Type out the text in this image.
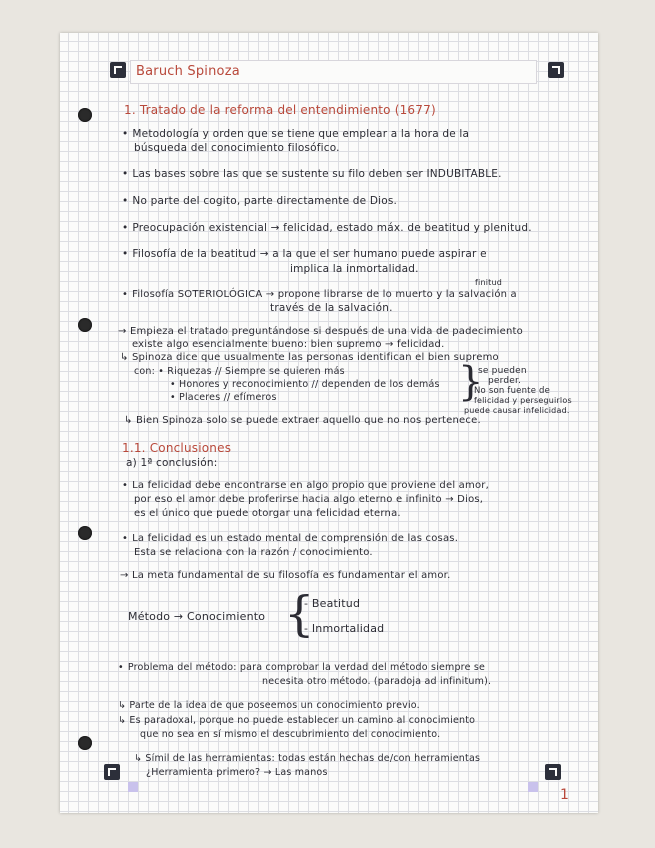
Baruch Spinoza
1. Tratado de la reforma del entendimiento (1677)
• Metodología y orden que se tiene que emplear a la hora de la
búsqueda del conocimiento filosófico.
• Las bases sobre las que se sustente su filo deben ser INDUBITABLE.
• No parte del cogito, parte directamente de Dios.
• Preocupación existencial → felicidad, estado máx. de beatitud y plenitud.
• Filosofía de la beatitud → a la que el ser humano puede aspirar e
implica la inmortalidad.
finitud
• Filosofía SOTERIOLÓGICA → propone librarse de lo muerto y la salvación a
través de la salvación.
→ Empieza el tratado preguntándose si después de una vida de padecimiento
existe algo esencialmente bueno: bien supremo → felicidad.
↳ Spinoza dice que usualmente las personas identifican el bien supremo
con: • Riquezas // Siempre se quieren más
• Honores y reconocimiento // dependen de los demás
• Placeres // efímeros	}
se pueden
perder.
No son fuente de
felicidad y perseguirlos
puede causar infelicidad.
↳ Bien Spinoza solo se puede extraer aquello que no nos pertenece.
1.1. Conclusiones
a) 1ª conclusión:
• La felicidad debe encontrarse en algo propio que proviene del amor,
por eso el amor debe proferirse hacia algo eterno e infinito → Dios,
es el único que puede otorgar una felicidad eterna.
• La felicidad es un estado mental de comprensión de las cosas.
Esta se relaciona con la razón / conocimiento.
→ La meta fundamental de su filosofía es fundamentar el amor.
Método → Conocimiento {
- Beatitud
- Inmortalidad
• Problema del método: para comprobar la verdad del método siempre se
necesita otro método. (paradoja ad infinitum).
↳ Parte de la idea de que poseemos un conocimiento previo.
↳ Es paradoxal, porque no puede establecer un camino al conocimiento
que no sea en sí mismo el descubrimiento del conocimiento.
↳ Símil de las herramientas: todas están hechas de/con herramientas
¿Herramienta primero? → Las manos
1
